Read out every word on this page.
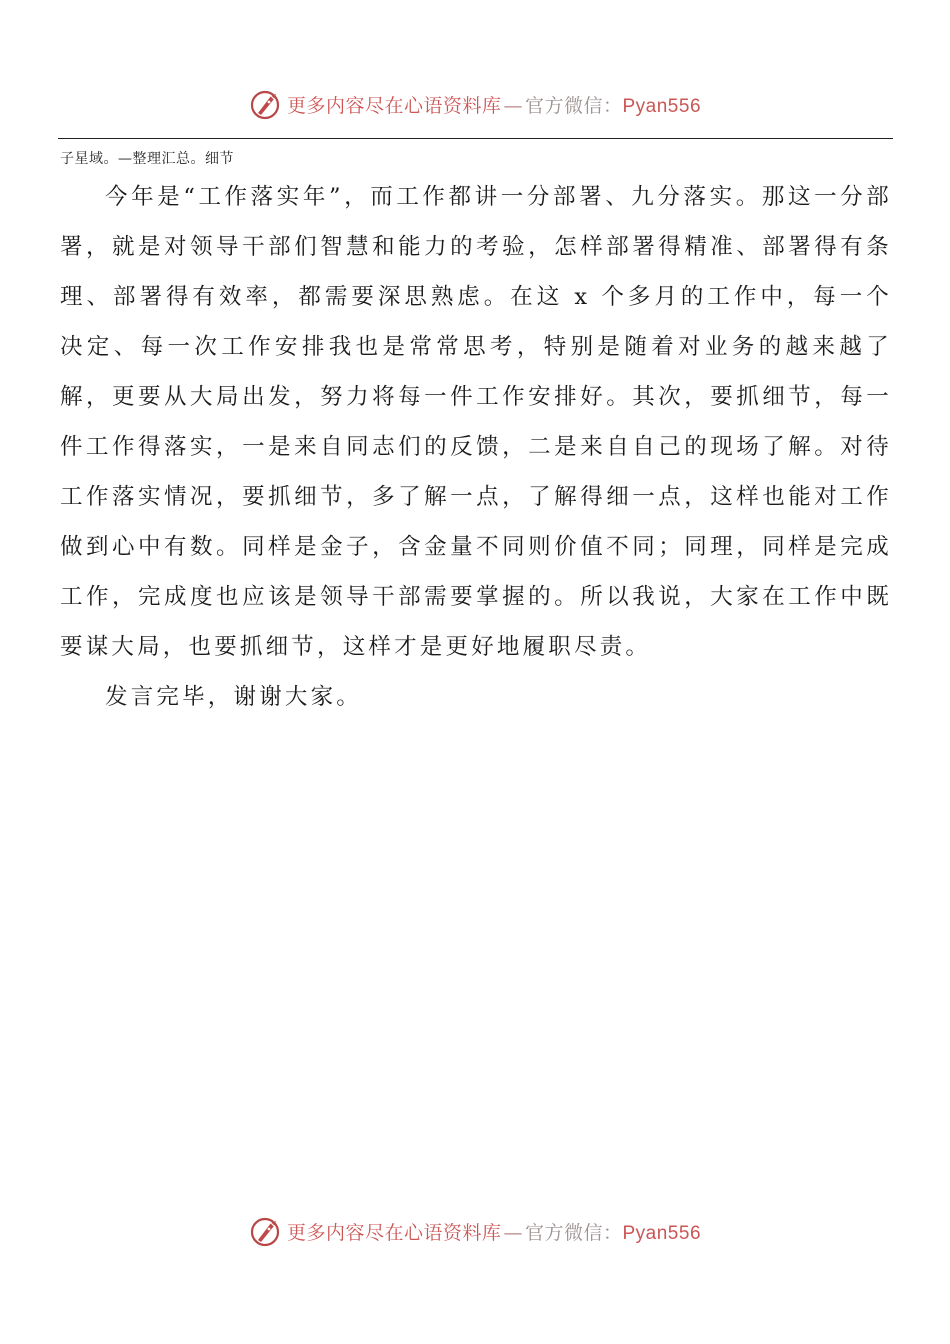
更多内容尽在心语资料库 — 官方微信：Pyan556
子星域。—整理汇总。细节

今年是“工作落实年”，而工作都讲一分部署、九分落实。那这一分部署，就是对领导干部们智慧和能力的考验，怎样部署得精准、部署得有条理、部署得有效率，都需要深思熟虑。在这 x 个多月的工作中，每一个决定、每一次工作安排我也是常常思考，特别是随着对业务的越来越了解，更要从大局出发，努力将每一件工作安排好。其次，要抓细节，每一件工作得落实，一是来自同志们的反馈，二是来自自己的现场了解。对待工作落实情况，要抓细节，多了解一点，了解得细一点，这样也能对工作做到心中有数。同样是金子，含金量不同则价值不同；同理，同样是完成工作，完成度也应该是领导干部需要掌握的。所以我说，大家在工作中既要谋大局，也要抓细节，这样才是更好地履职尽责。

发言完毕，谢谢大家。

更多内容尽在心语资料库 — 官方微信：Pyan556
